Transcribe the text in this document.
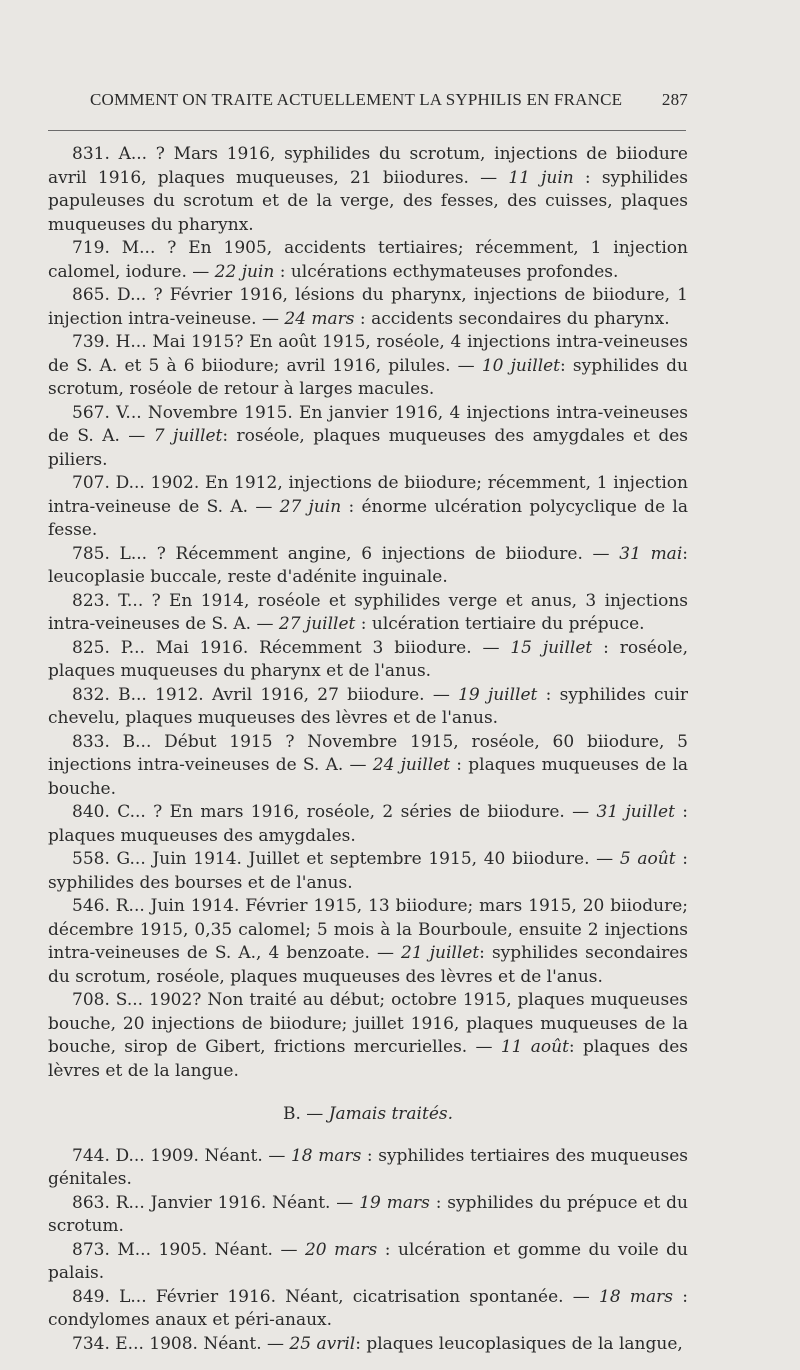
COMMENT ON TRAITE ACTUELLEMENT LA SYPHILIS EN FRANCE 287

831. A... ? Mars 1916, syphilides du scrotum, injections de biiodure avril 1916, plaques muqueuses, 21 biiodures. — 11 juin : syphilides papuleuses du scrotum et de la verge, des fesses, des cuisses, plaques muqueuses du pharynx.

719. M... ? En 1905, accidents tertiaires; récemment, 1 injection calomel, iodure. — 22 juin : ulcérations ecthymateuses profondes.

865. D... ? Février 1916, lésions du pharynx, injections de biiodure, 1 injection intra-veineuse. — 24 mars : accidents secondaires du pharynx.

739. H... Mai 1915? En août 1915, roséole, 4 injections intra-veineuses de S. A. et 5 à 6 biiodure; avril 1916, pilules. — 10 juillet: syphilides du scrotum, roséole de retour à larges macules.

567. V... Novembre 1915. En janvier 1916, 4 injections intra-veineuses de S. A. — 7 juillet: roséole, plaques muqueuses des amygdales et des piliers.

707. D... 1902. En 1912, injections de biiodure; récemment, 1 injection intra-veineuse de S. A. — 27 juin : énorme ulcération polycyclique de la fesse.

785. L... ? Récemment angine, 6 injections de biiodure. — 31 mai: leucoplasie buccale, reste d'adénite inguinale.

823. T... ? En 1914, roséole et syphilides verge et anus, 3 injections intra-veineuses de S. A. — 27 juillet : ulcération tertiaire du prépuce.

825. P... Mai 1916. Récemment 3 biiodure. — 15 juillet : roséole, plaques muqueuses du pharynx et de l'anus.

832. B... 1912. Avril 1916, 27 biiodure. — 19 juillet : syphilides cuir chevelu, plaques muqueuses des lèvres et de l'anus.

833. B... Début 1915 ? Novembre 1915, roséole, 60 biiodure, 5 injections intra-veineuses de S. A. — 24 juillet : plaques muqueuses de la bouche.

840. C... ? En mars 1916, roséole, 2 séries de biiodure. — 31 juillet : plaques muqueuses des amygdales.

558. G... Juin 1914. Juillet et septembre 1915, 40 biiodure. — 5 août : syphilides des bourses et de l'anus.

546. R... Juin 1914. Février 1915, 13 biiodure; mars 1915, 20 biiodure; décembre 1915, 0,35 calomel; 5 mois à la Bourboule, ensuite 2 injections intra-veineuses de S. A., 4 benzoate. — 21 juillet: syphilides secondaires du scrotum, roséole, plaques muqueuses des lèvres et de l'anus.

708. S... 1902? Non traité au début; octobre 1915, plaques muqueuses bouche, 20 injections de biiodure; juillet 1916, plaques muqueuses de la bouche, sirop de Gibert, frictions mercurielles. — 11 août: plaques des lèvres et de la langue.

B. — Jamais traités.

744. D... 1909. Néant. — 18 mars : syphilides tertiaires des muqueuses génitales.

863. R... Janvier 1916. Néant. — 19 mars : syphilides du prépuce et du scrotum.

873. M... 1905. Néant. — 20 mars : ulcération et gomme du voile du palais.

849. L... Février 1916. Néant, cicatrisation spontanée. — 18 mars : condylomes anaux et péri-anaux.

734. E... 1908. Néant. — 25 avril: plaques leucoplasiques de la langue,
